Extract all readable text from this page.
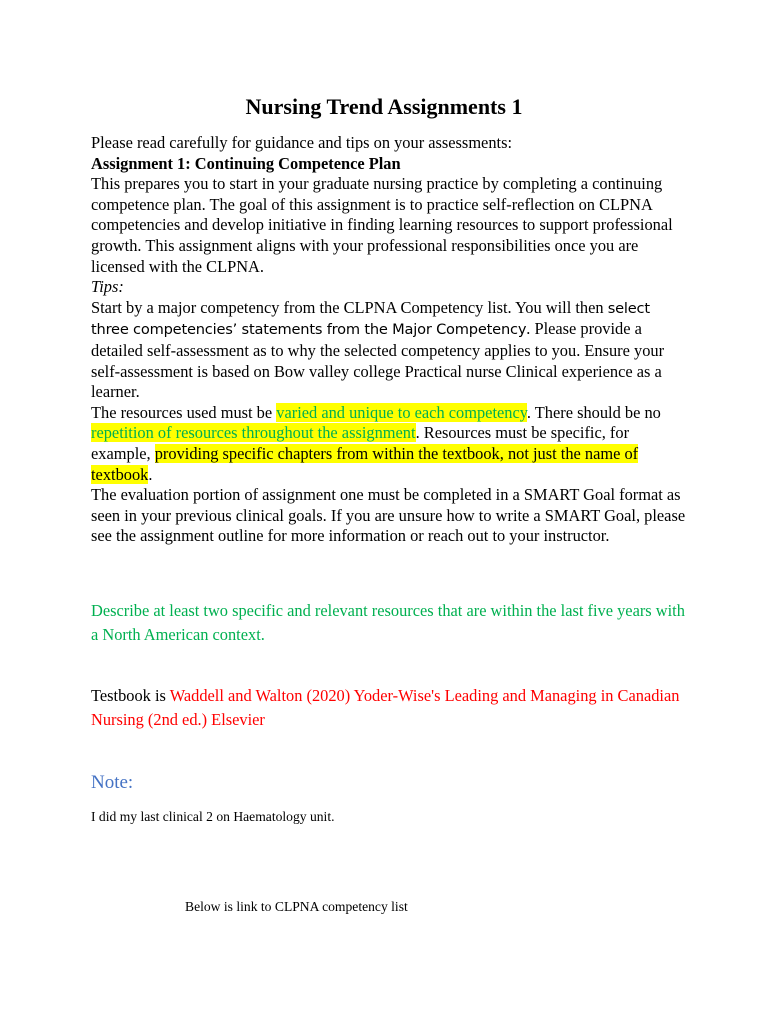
Nursing Trend Assignments 1

Please read carefully for guidance and tips on your assessments:

Assignment 1: Continuing Competence Plan

This prepares you to start in your graduate nursing practice by completing a continuing competence plan. The goal of this assignment is to practice self-reflection on CLPNA competencies and develop initiative in finding learning resources to support professional growth. This assignment aligns with your professional responsibilities once you are licensed with the CLPNA.

Tips:

Start by a major competency from the CLPNA Competency list. You will then select three competencies’ statements from the Major Competency. Please provide a detailed self-assessment as to why the selected competency applies to you. Ensure your self-assessment is based on Bow valley college Practical nurse Clinical experience as a learner.

The resources used must be varied and unique to each competency. There should be no repetition of resources throughout the assignment. Resources must be specific, for example, providing specific chapters from within the textbook, not just the name of textbook.

The evaluation portion of assignment one must be completed in a SMART Goal format as seen in your previous clinical goals. If you are unsure how to write a SMART Goal, please see the assignment outline for more information or reach out to your instructor.

Describe at least two specific and relevant resources that are within the last five years with a North American context.
Testbook is Waddell and Walton (2020) Yoder-Wise's Leading and Managing in Canadian Nursing (2nd ed.) Elsevier
Note:
I did my last clinical 2 on Haematology unit.
Below is link to CLPNA competency list
